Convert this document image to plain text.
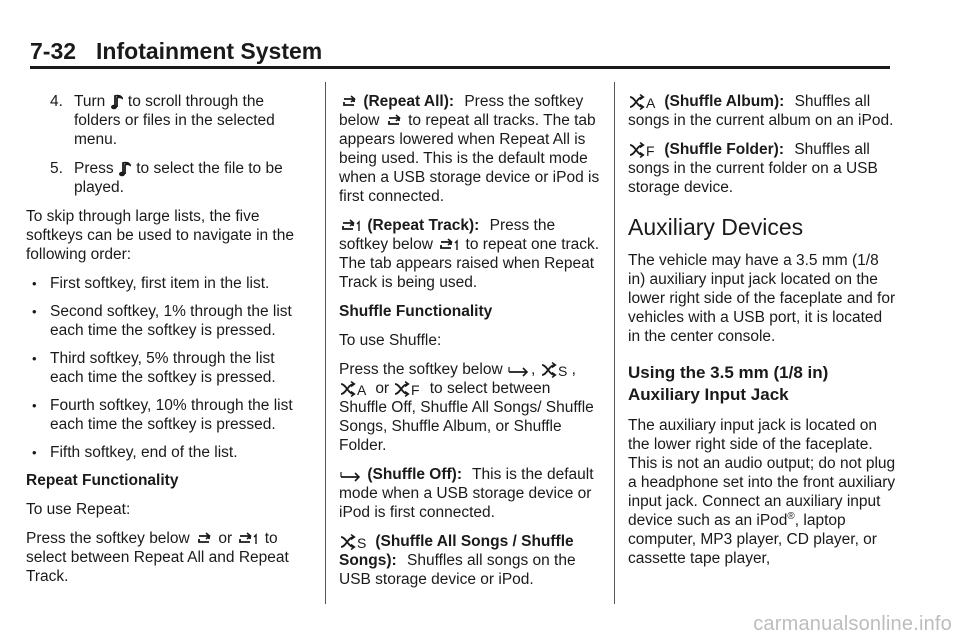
7-32 Infotainment System
4. Turn to scroll through the folders or files in the selected menu.
5. Press to select the file to be played.

To skip through large lists, the five softkeys can be used to navigate in the following order:

• First softkey, first item in the list.
• Second softkey, 1% through the list each time the softkey is pressed.
• Third softkey, 5% through the list each time the softkey is pressed.
• Fourth softkey, 10% through the list each time the softkey is pressed.
• Fifth softkey, end of the list.

Repeat Functionality

To use Repeat:

Press the softkey below or to select between Repeat All and Repeat Track.

(Repeat All): Press the softkey below to repeat all tracks. The tab appears lowered when Repeat All is being used. This is the default mode when a USB storage device or iPod is first connected.

(Repeat Track): Press the softkey below to repeat one track. The tab appears raised when Repeat Track is being used.

Shuffle Functionality

To use Shuffle:

Press the softkey below , S ,
A or F to select between Shuffle Off, Shuffle All Songs/ Shuffle Songs, Shuffle Album, or Shuffle Folder.

(Shuffle Off): This is the default mode when a USB storage device or iPod is first connected.

S (Shuffle All Songs / Shuffle Songs): Shuffles all songs on the USB storage device or iPod.

A (Shuffle Album): Shuffles all songs in the current album on an iPod.

F (Shuffle Folder): Shuffles all songs in the current folder on a USB storage device.

Auxiliary Devices

The vehicle may have a 3.5 mm (1/8 in) auxiliary input jack located on the lower right side of the faceplate and for vehicles with a USB port, it is located in the center console.

Using the 3.5 mm (1/8 in) Auxiliary Input Jack

The auxiliary input jack is located on the lower right side of the faceplate. This is not an audio output; do not plug a headphone set into the front auxiliary input jack. Connect an auxiliary input device such as an iPod®, laptop computer, MP3 player, CD player, or cassette tape player,

carmanualsonline.info
